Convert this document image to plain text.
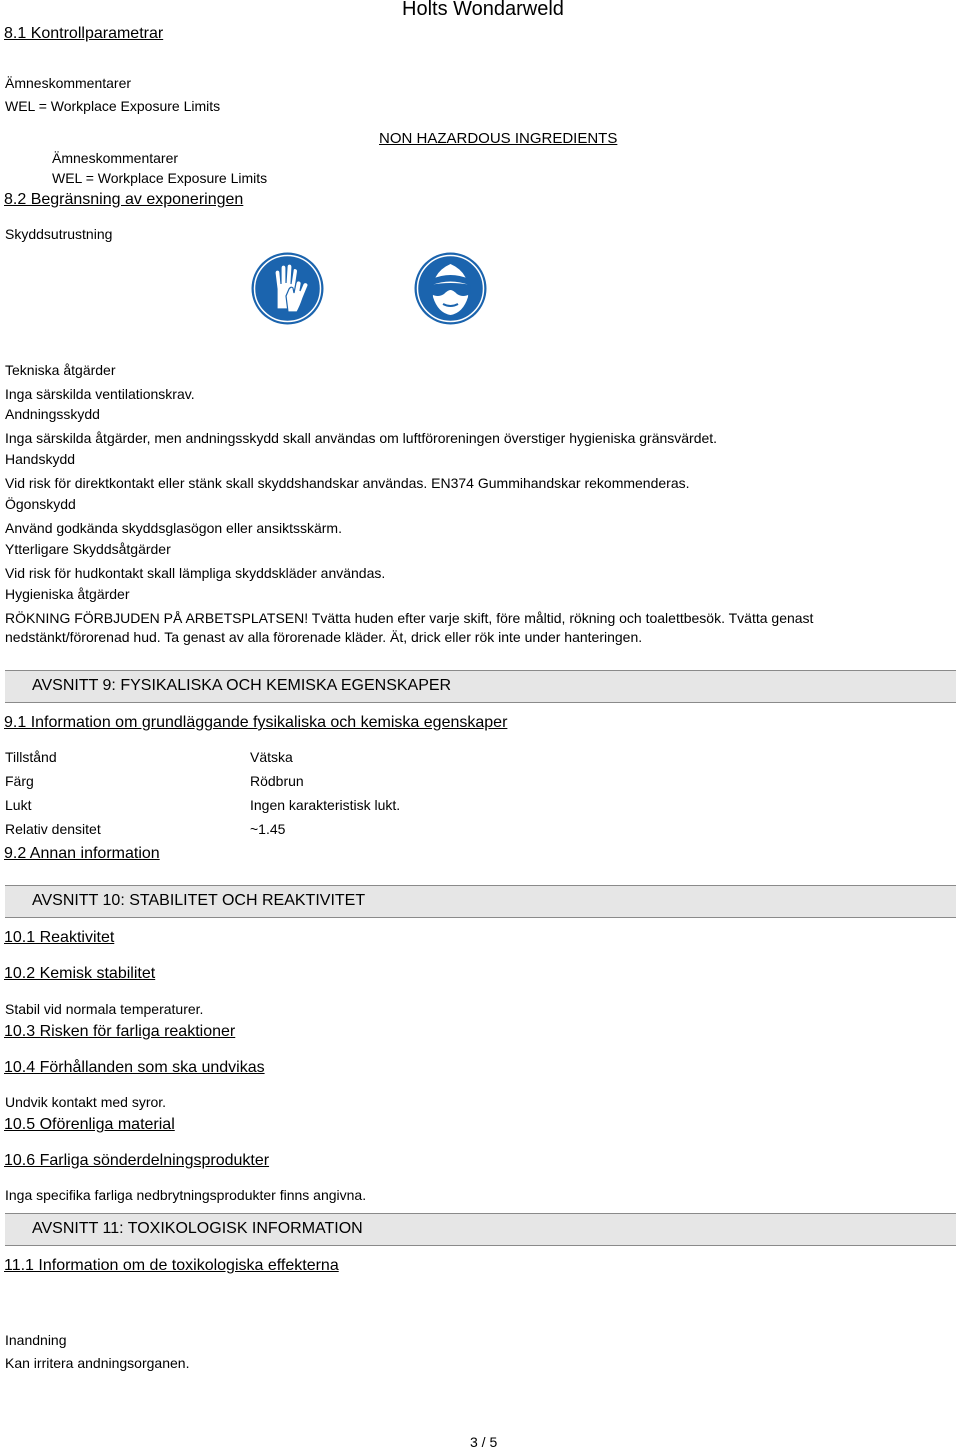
Holts Wondarweld
8.1 Kontrollparametrar
Ämneskommentarer
WEL = Workplace Exposure Limits
NON HAZARDOUS INGREDIENTS
Ämneskommentarer
WEL = Workplace Exposure Limits
8.2 Begränsning av exponeringen
Skyddsutrustning
Tekniska åtgärder
Inga särskilda ventilationskrav.
Andningsskydd
Inga särskilda åtgärder, men andningsskydd skall användas om luftföroreningen överstiger hygieniska gränsvärdet.
Handskydd
Vid risk för direktkontakt eller stänk skall skyddshandskar användas. EN374 Gummihandskar rekommenderas.
Ögonskydd
Använd godkända skyddsglasögon eller ansiktsskärm.
Ytterligare Skyddsåtgärder
Vid risk för hudkontakt skall lämpliga skyddskläder användas.
Hygieniska åtgärder
RÖKNING FÖRBJUDEN PÅ ARBETSPLATSEN! Tvätta huden efter varje skift, före måltid, rökning och toalettbesök. Tvätta genast
nedstänkt/förorenad hud. Ta genast av alla förorenade kläder. Ät, drick eller rök inte under hanteringen.
AVSNITT 9: FYSIKALISKA OCH KEMISKA EGENSKAPER
9.1 Information om grundläggande fysikaliska och kemiska egenskaper
Tillstånd	Vätska
Färg	Rödbrun
Lukt	Ingen karakteristisk lukt.
Relativ densitet	~1.45
9.2 Annan information
AVSNITT 10: STABILITET OCH REAKTIVITET
10.1 Reaktivitet
10.2 Kemisk stabilitet
Stabil vid normala temperaturer.
10.3 Risken för farliga reaktioner
10.4 Förhållanden som ska undvikas
Undvik kontakt med syror.
10.5 Oförenliga material
10.6 Farliga sönderdelningsprodukter
Inga specifika farliga nedbrytningsprodukter finns angivna.
AVSNITT 11: TOXIKOLOGISK INFORMATION
11.1 Information om de toxikologiska effekterna
Inandning
Kan irritera andningsorganen.
3 / 5
